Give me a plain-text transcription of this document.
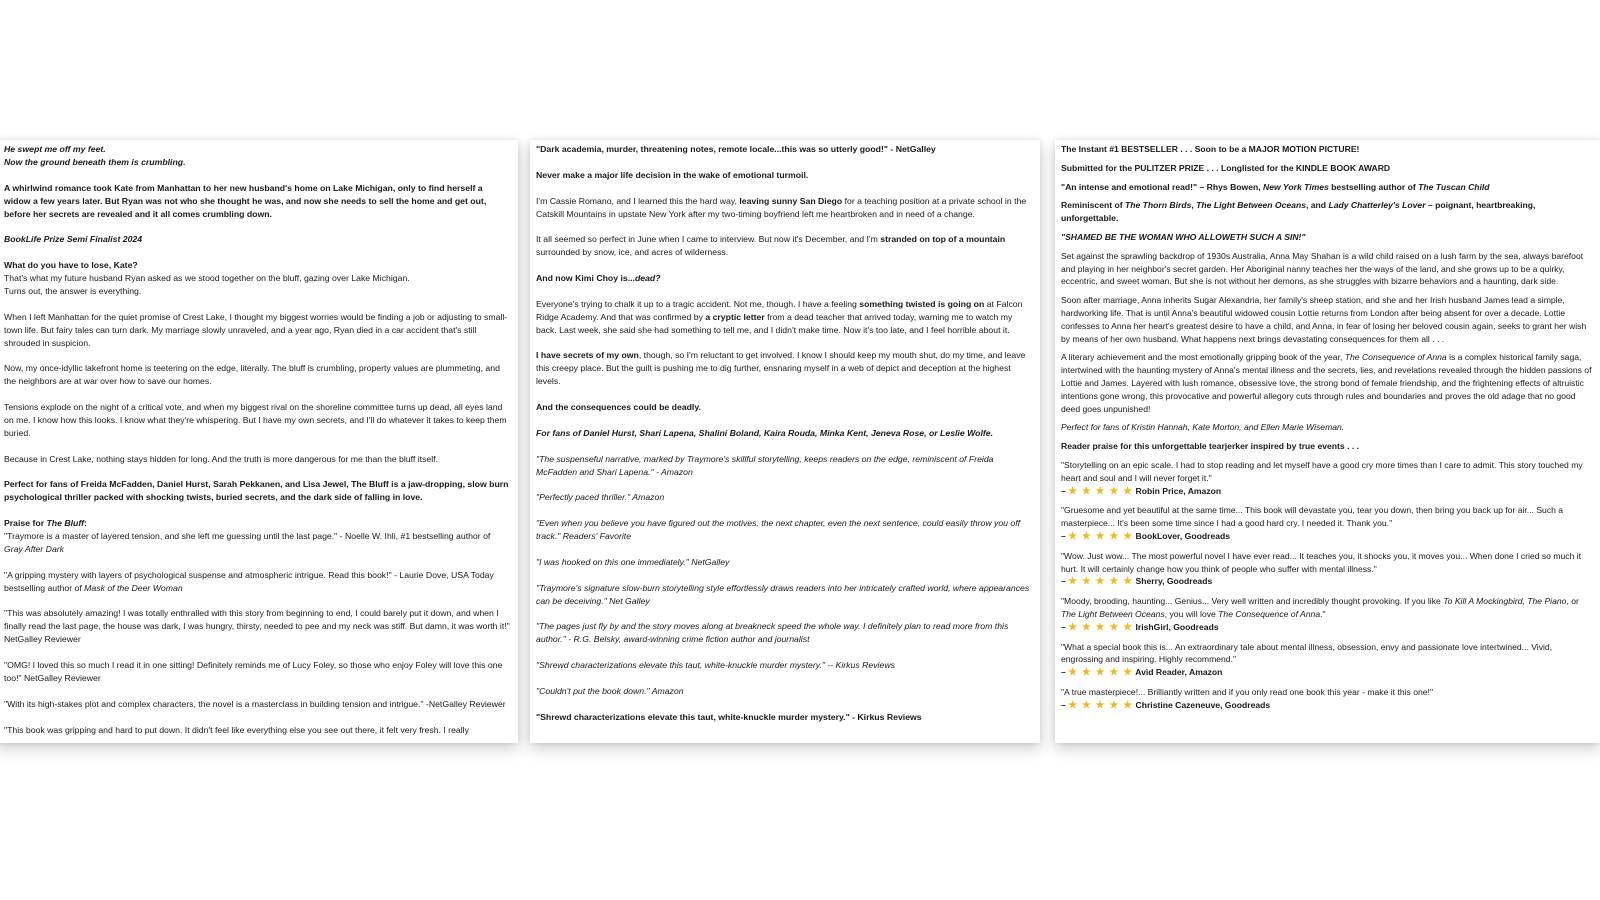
He swept me off my feet.
Now the ground beneath them is crumbling.

A whirlwind romance took Kate from Manhattan to her new husband's home on Lake Michigan, only to find herself a widow a few years later. But Ryan was not who she thought he was, and now she needs to sell the home and get out, before her secrets are revealed and it all comes crumbling down.

BookLife Prize Semi Finalist 2024

What do you have to lose, Kate?
That's what my future husband Ryan asked as we stood together on the bluff, gazing over Lake Michigan.
Turns out, the answer is everything.

When I left Manhattan for the quiet promise of Crest Lake, I thought my biggest worries would be finding a job or adjusting to small-town life. But fairy tales can turn dark. My marriage slowly unraveled, and a year ago, Ryan died in a car accident that's still shrouded in suspicion.

Now, my once-idyllic lakefront home is teetering on the edge, literally. The bluff is crumbling, property values are plummeting, and the neighbors are at war over how to save our homes.

Tensions explode on the night of a critical vote, and when my biggest rival on the shoreline committee turns up dead, all eyes land on me. I know how this looks. I know what they're whispering. But I have my own secrets, and I'll do whatever it takes to keep them buried.

Because in Crest Lake, nothing stays hidden for long. And the truth is more dangerous for me than the bluff itself.

Perfect for fans of Freida McFadden, Daniel Hurst, Sarah Pekkanen, and Lisa Jewel, The Bluff is a jaw-dropping, slow burn psychological thriller packed with shocking twists, buried secrets, and the dark side of falling in love.

Praise for The Bluff:
"Traymore is a master of layered tension, and she left me guessing until the last page." - Noelle W. Ihli, #1 bestselling author of Gray After Dark

"A gripping mystery with layers of psychological suspense and atmospheric intrigue. Read this book!" - Laurie Dove, USA Today bestselling author of Mask of the Deer Woman

"This was absolutely amazing! I was totally enthralled with this story from beginning to end, I could barely put it down, and when I finally read the last page, the house was dark, I was hungry, thirsty, needed to pee and my neck was stiff. But damn, it was worth it!" NetGalley Reviewer

"OMG! I loved this so much I read it in one sitting! Definitely reminds me of Lucy Foley, so those who enjoy Foley will love this one too!" NetGalley Reviewer

"With its high-stakes plot and complex characters, the novel is a masterclass in building tension and intrigue." -NetGalley Reviewer

"This book was gripping and hard to put down. It didn't feel like everything else you see out there, it felt very fresh. I really

"Dark academia, murder, threatening notes, remote locale...this was so utterly good!" - NetGalley

Never make a major life decision in the wake of emotional turmoil.

I'm Cassie Romano, and I learned this the hard way, leaving sunny San Diego for a teaching position at a private school in the Catskill Mountains in upstate New York after my two-timing boyfriend left me heartbroken and in need of a change.

It all seemed so perfect in June when I came to interview. But now it's December, and I'm stranded on top of a mountain surrounded by snow, ice, and acres of wilderness.

And now Kimi Choy is...dead?

Everyone's trying to chalk it up to a tragic accident. Not me, though. I have a feeling something twisted is going on at Falcon Ridge Academy. And that was confirmed by a cryptic letter from a dead teacher that arrived today, warning me to watch my back. Last week, she said she had something to tell me, and I didn't make time. Now it's too late, and I feel horrible about it.

I have secrets of my own, though, so I'm reluctant to get involved. I know I should keep my mouth shut, do my time, and leave this creepy place. But the guilt is pushing me to dig further, ensnaring myself in a web of depict and deception at the highest levels.

And the consequences could be deadly.

For fans of Daniel Hurst, Shari Lapena, Shalini Boland, Kaira Rouda, Minka Kent, Jeneva Rose, or Leslie Wolfe.

"The suspenseful narrative, marked by Traymore's skillful storytelling, keeps readers on the edge, reminiscent of Freida McFadden and Shari Lapena." - Amazon

"Perfectly paced thriller." Amazon

"Even when you believe you have figured out the motives, the next chapter, even the next sentence, could easily throw you off track." Readers' Favorite

"I was hooked on this one immediately." NetGalley

"Traymore's signature slow-burn storytelling style effortlessly draws readers into her intricately crafted world, where appearances can be deceiving." Net Galley

"The pages just fly by and the story moves along at breakneck speed the whole way. I definitely plan to read more from this author." - R.G. Belsky, award-winning crime fiction author and journalist

"Shrewd characterizations elevate this taut, white-knuckle murder mystery." -- Kirkus Reviews

"Couldn't put the book down." Amazon

"Shrewd characterizations elevate this taut, white-knuckle murder mystery." - Kirkus Reviews

The Instant #1 BESTSELLER . . . Soon to be a MAJOR MOTION PICTURE!

Submitted for the PULITZER PRIZE . . . Longlisted for the KINDLE BOOK AWARD

"An intense and emotional read!" – Rhys Bowen, New York Times bestselling author of The Tuscan Child

Reminiscent of The Thorn Birds, The Light Between Oceans, and Lady Chatterley's Lover – poignant, heartbreaking, unforgettable.

"SHAMED BE THE WOMAN WHO ALLOWETH SUCH A SIN!"

Set against the sprawling backdrop of 1930s Australia, Anna May Shahan is a wild child raised on a lush farm by the sea, always barefoot and playing in her neighbor's secret garden. Her Aboriginal nanny teaches her the ways of the land, and she grows up to be a quirky, eccentric, and sweet woman. But she is not without her demons, as she struggles with bizarre behaviors and a haunting, dark side.

Soon after marriage, Anna inherits Sugar Alexandria, her family's sheep station, and she and her Irish husband James lead a simple, hardworking life. That is until Anna's beautiful widowed cousin Lottie returns from London after being absent for over a decade. Lottie confesses to Anna her heart's greatest desire to have a child, and Anna, in fear of losing her beloved cousin again, seeks to grant her wish by means of her own husband. What happens next brings devastating consequences for them all . . .

A literary achievement and the most emotionally gripping book of the year, The Consequence of Anna is a complex historical family saga, intertwined with the haunting mystery of Anna's mental illness and the secrets, lies, and revelations revealed through the hidden passions of Lottie and James. Layered with lush romance, obsessive love, the strong bond of female friendship, and the frightening effects of altruistic intentions gone wrong, this provocative and powerful allegory cuts through rules and boundaries and proves the old adage that no good deed goes unpunished!

Perfect for fans of Kristin Hannah, Kate Morton, and Ellen Marie Wiseman.

Reader praise for this unforgettable tearjerker inspired by true events . . .

"Storytelling on an epic scale. I had to stop reading and let myself have a good cry more times than I care to admit. This story touched my heart and soul and I will never forget it."
– ★ ★ ★ ★ ★ Robin Price, Amazon

"Gruesome and yet beautiful at the same time... This book will devastate you, tear you down, then bring you back up for air... Such a masterpiece... It's been some time since I had a good hard cry. I needed it. Thank you."
– ★ ★ ★ ★ ★ BookLover, Goodreads

"Wow. Just wow... The most powerful novel I have ever read... It teaches you, it shocks you, it moves you... When done I cried so much it hurt. It will certainly change how you think of people who suffer with mental illness."
– ★ ★ ★ ★ ★ Sherry, Goodreads

"Moody, brooding, haunting... Genius... Very well written and incredibly thought provoking. If you like To Kill A Mockingbird, The Piano, or The Light Between Oceans, you will love The Consequence of Anna."
– ★ ★ ★ ★ ★ IrishGirl, Goodreads

"What a special book this is... An extraordinary tale about mental illness, obsession, envy and passionate love intertwined... Vivid, engrossing and inspiring. Highly recommend."
– ★ ★ ★ ★ ★ Avid Reader, Amazon

"A true masterpiece!... Brilliantly written and if you only read one book this year - make it this one!"
– ★ ★ ★ ★ ★ Christine Cazeneuve, Goodreads
